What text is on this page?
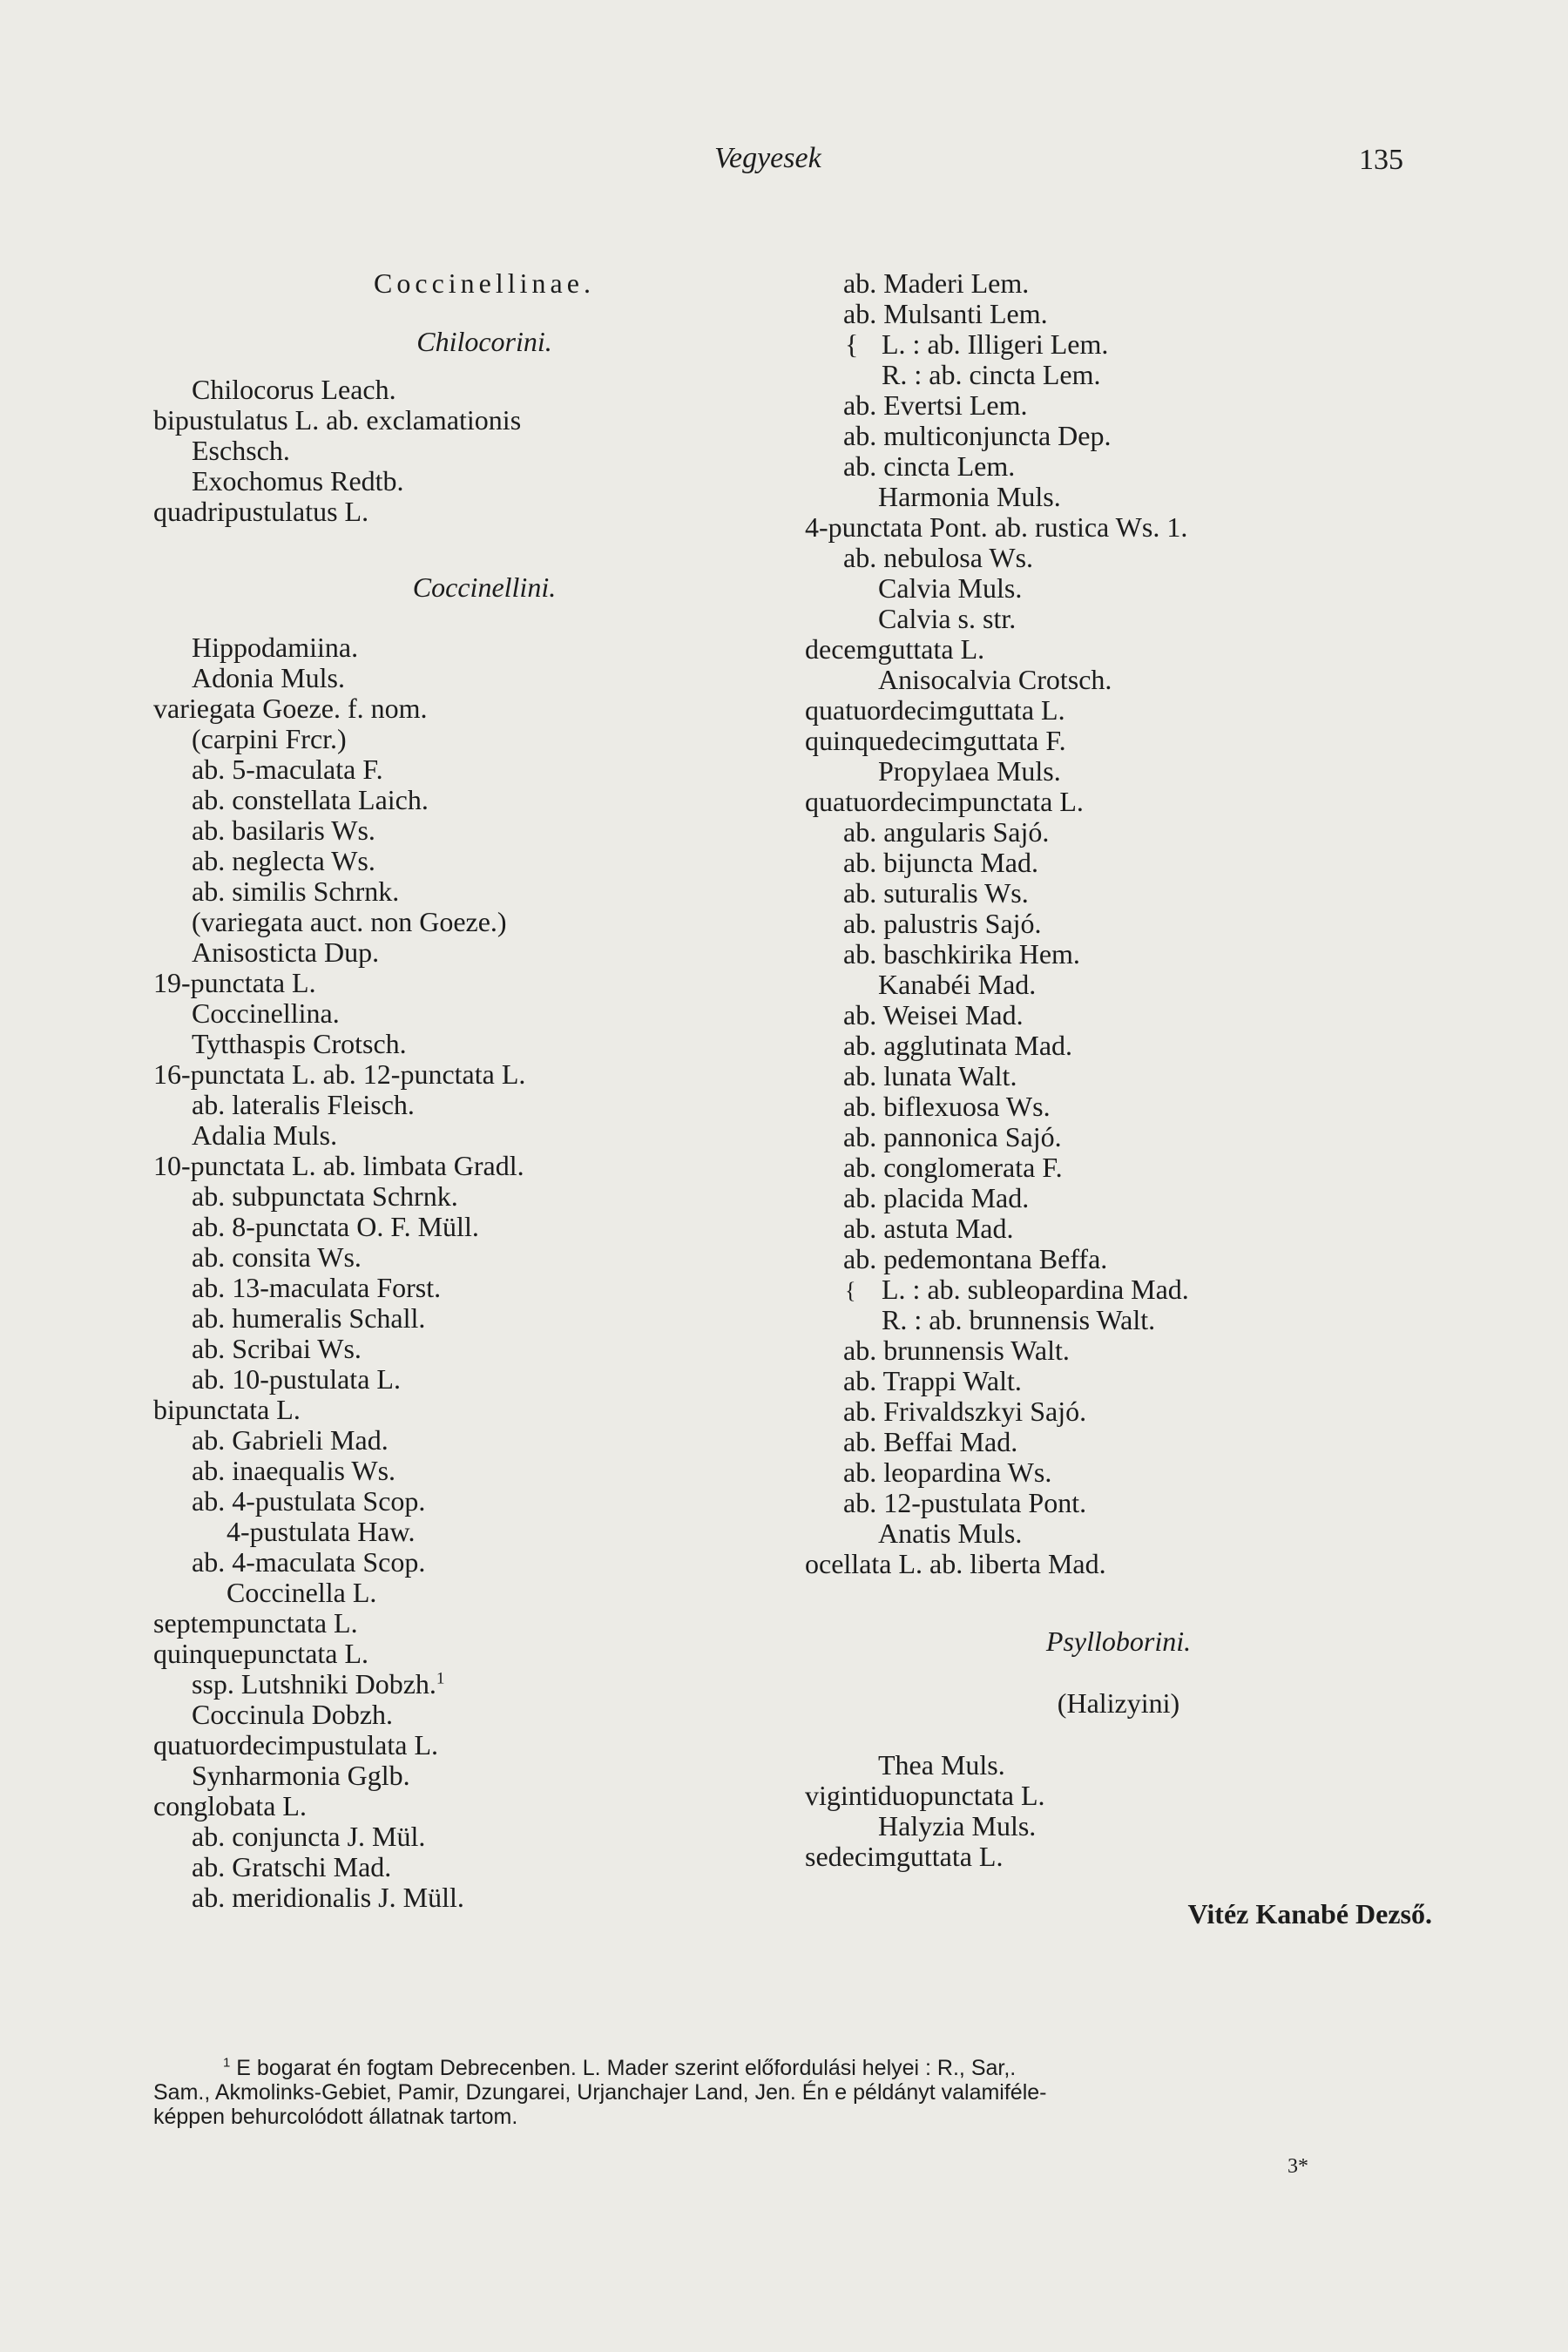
Vegyesek	135
Coccinellinae.
Chilocorini.
Chilocorus Leach.
bipustulatus L. ab. exclamationis
Eschsch.
Exochomus Redtb.
quadripustulatus L.
Coccinellini.
Hippodamiina.
Adonia Muls.
variegata Goeze. f. nom.
(carpini Frcr.)
ab. 5-maculata F.
ab. constellata Laich.
ab. basilaris Ws.
ab. neglecta Ws.
ab. similis Schrnk.
(variegata auct. non Goeze.)
Anisosticta Dup.
19-punctata L.
Coccinellina.
Tytthaspis Crotsch.
16-punctata L. ab. 12-punctata L.
ab. lateralis Fleisch.
Adalia Muls.
10-punctata L. ab. limbata Gradl.
ab. subpunctata Schrnk.
ab. 8-punctata O. F. Müll.
ab. consita Ws.
ab. 13-maculata Forst.
ab. humeralis Schall.
ab. Scribai Ws.
ab. 10-pustulata L.
bipunctata L.
ab. Gabrieli Mad.
ab. inaequalis Ws.
ab. 4-pustulata Scop.
4-pustulata Haw.
ab. 4-maculata Scop.
Coccinella L.
septempunctata L.
quinquepunctata L.
ssp. Lutshniki Dobzh.$^1$
Coccinula Dobzh.
quatuordecimpustulata L.
Synharmonia Gglb.
conglobata L.
ab. conjuncta J. Mül.
ab. Gratschi Mad.
ab. meridionalis J. Müll.
ab. Maderi Lem.
ab. Mulsanti Lem.
{ L. : ab. Illigeri Lem.
R. : ab. cincta Lem.
ab. Evertsi Lem.
ab. multiconjuncta Dep.
ab. cincta Lem.
Harmonia Muls.
4-punctata Pont. ab. rustica Ws. 1.
ab. nebulosa Ws.
Calvia Muls.
Calvia s. str.
decemguttata L.
Anisocalvia Crotsch.
quatuordecimguttata L.
quinquedecimguttata F.
Propylaea Muls.
quatuordecimpunctata L.
ab. angularis Sajó.
ab. bijuncta Mad.
ab. suturalis Ws.
ab. palustris Sajó.
ab. baschkirika Hem.
Kanabéi Mad.
ab. Weisei Mad.
ab. agglutinata Mad.
ab. lunata Walt.
ab. biflexuosa Ws.
ab. pannonica Sajó.
ab. conglomerata F.
ab. placida Mad.
ab. astuta Mad.
ab. pedemontana Beffa.
{ L. : ab. subleopardina Mad.
R. : ab. brunnensis Walt.
ab. brunnensis Walt.
ab. Trappi Walt.
ab. Frivaldszkyi Sajó.
ab. Beffai Mad.
ab. leopardina Ws.
ab. 12-pustulata Pont.
Anatis Muls.
ocellata L. ab. liberta Mad.
Psylloborini.
(Halizyini)
Thea Muls.
vigintiduopunctata L.
Halyzia Muls.
sedecimguttata L.
Vitéz Kanabé Dezső.
$^1$ E bogarat én fogtam Debrecenben. L. Mader szerint előfordulási helyei : R., Sar,.
Sam., Akmolinks-Gebiet, Pamir, Dzungarei, Urjanchajer Land, Jen. Én e példányt valamiféle-
képpen behurcolódott állatnak tartom.
3*
